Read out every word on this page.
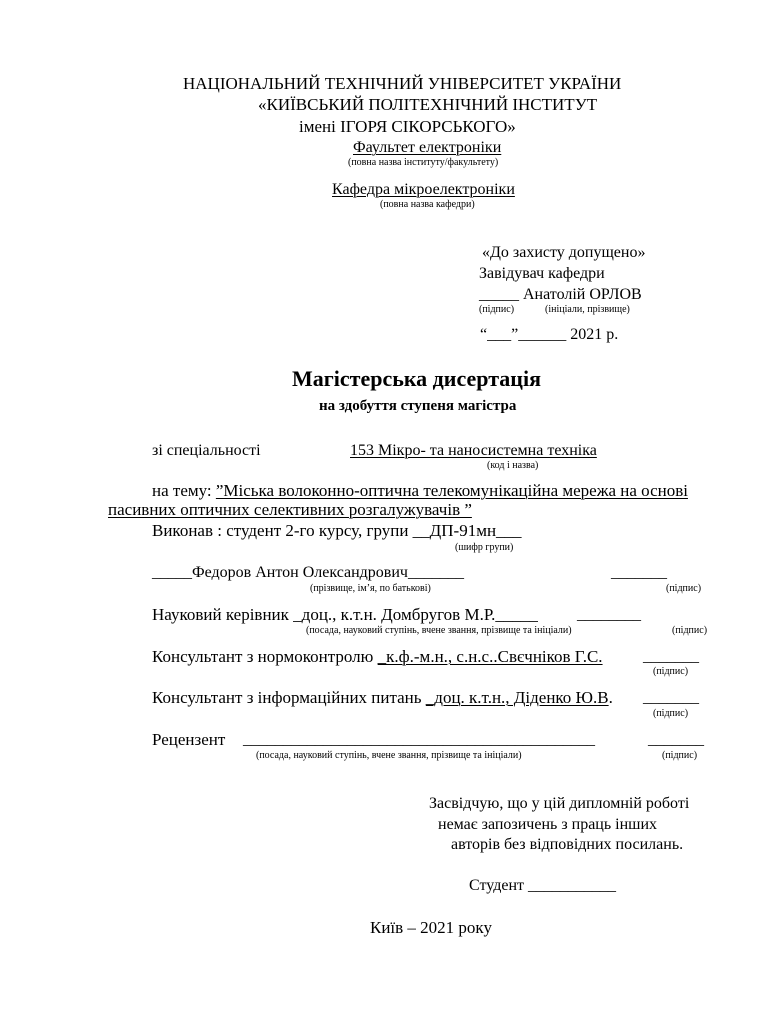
НАЦІОНАЛЬНИЙ ТЕХНІЧНИЙ УНІВЕРСИТЕТ УКРАЇНИ
«КИЇВСЬКИЙ ПОЛІТЕХНІЧНИЙ ІНСТИТУТ
імені ІГОРЯ СІКОРСЬКОГО»
Фаультет електроніки
(повна назва інституту/факультету)
Кафедра мікроелектроніки
(повна назва кафедри)
«До захисту допущено»
Завідувач кафедри
_____ Анатолій ОРЛОВ
(підпис)	(ініціали, прізвище)
“___”______ 2021 р.
Магістерська дисертація
на здобуття ступеня магістра
зі спеціальності	153 Мікро- та наносистемна техніка
(код і назва)
на тему: ”Міська волоконно-оптична телекомунікаційна мережа на основі
пасивних оптичних селективних розгалужувачів ”
Виконав : студент 2-го курсу, групи __ДП-91мн___
(шифр групи)
_____Федоров Антон Олександрович_______	_______
(прізвище, ім’я, по батькові)	(підпис)
Науковий керівник _доц., к.т.н. Домбругов М.Р._____ ________
(посада, науковий ступінь, вчене звання, прізвище та ініціали)	(підпис)
Консультант з нормоконтролю _к.ф.-м.н., с.н.с..Свєчніков Г.С.	_______
(підпис)
Консультант з інформаційних питань _доц. к.т.н., Діденко Ю.В. _______
(підпис)
Рецензент ____________________________________________	_______
(посада, науковий ступінь, вчене звання, прізвище та ініціали)	(підпис)
Засвідчую, що у цій дипломній роботі
немає запозичень з праць інших
авторів без відповідних посилань.
Студент ___________
Київ – 2021 року
